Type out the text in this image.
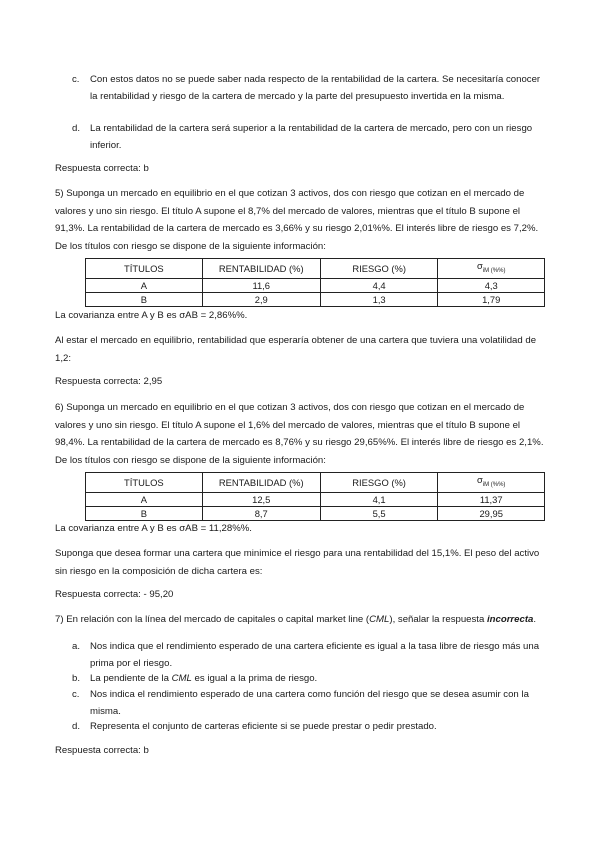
c. Con estos datos no se puede saber nada respecto de la rentabilidad de la cartera. Se necesitaría conocer la rentabilidad y riesgo de la cartera de mercado y la parte del presupuesto invertida en la misma.
d. La rentabilidad de la cartera será superior a la rentabilidad de la cartera de mercado, pero con un riesgo inferior.

Respuesta correcta: b

5) Suponga un mercado en equilibrio en el que cotizan 3 activos, dos con riesgo que cotizan en el mercado de valores y uno sin riesgo. El título A supone el 8,7% del mercado de valores, mientras que el título B supone el 91,3%. La rentabilidad de la cartera de mercado es 3,66% y su riesgo 2,01%%. El interés libre de riesgo es 7,2%. De los títulos con riesgo se dispone de la siguiente información:

TÍTULOS	RENTABILIDAD (%)	RIESGO (%)	$\sigma_{iM (\%\%)}$
A	11,6	4,4	4,3
B	2,9	1,3	1,79

La covarianza entre A y B es σAB = 2,86%%.

Al estar el mercado en equilibrio, rentabilidad que esperaría obtener de una cartera que tuviera una volatilidad de 1,2:

Respuesta correcta: 2,95

6) Suponga un mercado en equilibrio en el que cotizan 3 activos, dos con riesgo que cotizan en el mercado de valores y uno sin riesgo. El título A supone el 1,6% del mercado de valores, mientras que el título B supone el 98,4%. La rentabilidad de la cartera de mercado es 8,76% y su riesgo 29,65%%. El interés libre de riesgo es 2,1%. De los títulos con riesgo se dispone de la siguiente información:

TÍTULOS	RENTABILIDAD (%)	RIESGO (%)	$\sigma_{iM (\%\%)}$
A	12,5	4,1	11,37
B	8,7	5,5	29,95

La covarianza entre A y B es σAB = 11,28%%.

Suponga que desea formar una cartera que minimice el riesgo para una rentabilidad del 15,1%. El peso del activo sin riesgo en la composición de dicha cartera es:

Respuesta correcta: - 95,20

7) En relación con la línea del mercado de capitales o capital market line (CML), señalar la respuesta incorrecta.

a. Nos indica que el rendimiento esperado de una cartera eficiente es igual a la tasa libre de riesgo más una prima por el riesgo.
b. La pendiente de la CML es igual a la prima de riesgo.
c. Nos indica el rendimiento esperado de una cartera como función del riesgo que se desea asumir con la misma.
d. Representa el conjunto de carteras eficiente si se puede prestar o pedir prestado.

Respuesta correcta: b
